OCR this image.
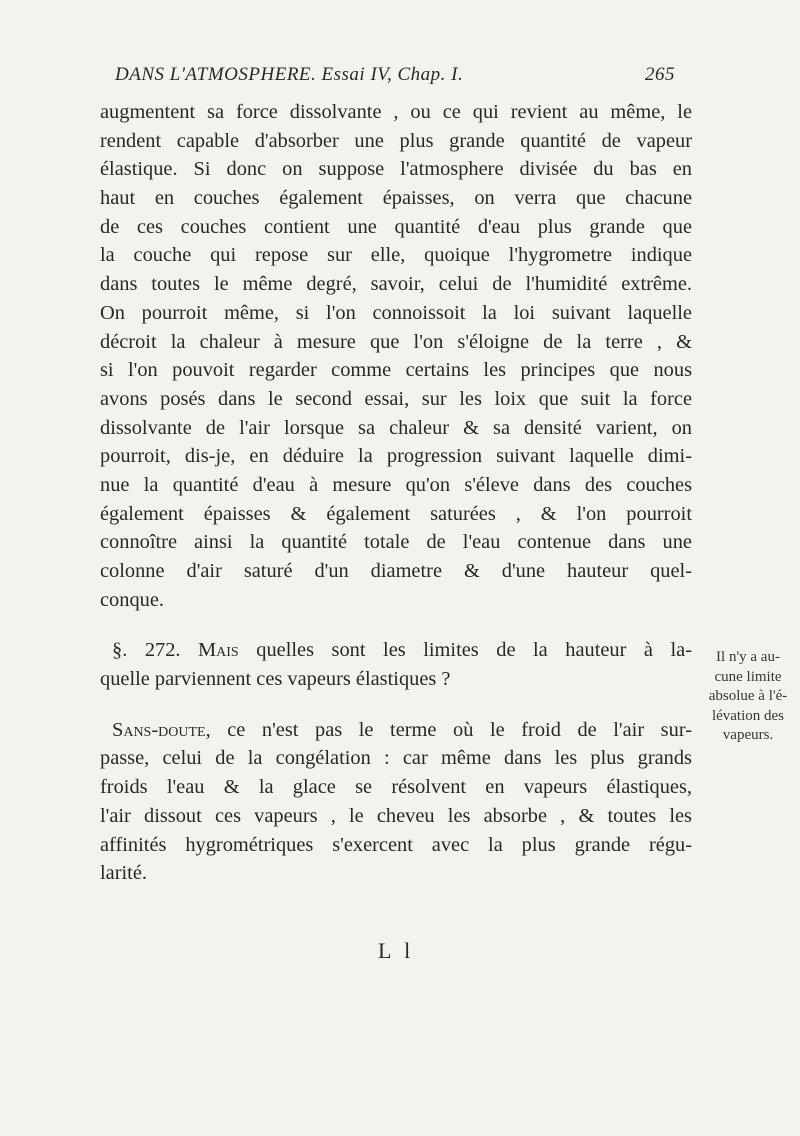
DANS L'ATMOSPHERE. Essai IV, Chap. I.	265
augmentent sa force dissolvante , ou ce qui revient au même, le
rendent capable d'absorber une plus grande quantité de vapeur
élastique. Si donc on suppose l'atmosphere divisée du bas en
haut en couches également épaisses, on verra que chacune
de ces couches contient une quantité d'eau plus grande que
la couche qui repose sur elle, quoique l'hygrometre indique
dans toutes le même degré, savoir, celui de l'humidité extrême.
On pourroit même, si l'on connoissoit la loi suivant laquelle
décroit la chaleur à mesure que l'on s'éloigne de la terre , &
si l'on pouvoit regarder comme certains les principes que nous
avons posés dans le second essai, sur les loix que suit la force
dissolvante de l'air lorsque sa chaleur & sa densité varient, on
pourroit, dis-je, en déduire la progression suivant laquelle dimi-
nue la quantité d'eau à mesure qu'on s'éleve dans des couches
également épaisses & également saturées , & l'on pourroit
connoître ainsi la quantité totale de l'eau contenue dans une
colonne d'air saturé d'un diametre & d'une hauteur quel-
conque.
§. 272. Mais quelles sont les limites de la hauteur à la-
quelle parviennent ces vapeurs élastiques ?
Sans-doute, ce n'est pas le terme où le froid de l'air sur-
passe, celui de la congélation : car même dans les plus grands
froids l'eau & la glace se résolvent en vapeurs élastiques,
l'air dissout ces vapeurs , le cheveu les absorbe , & toutes les
affinités hygrométriques s'exercent avec la plus grande régu-
larité.
Il n'y a au-
cune limite
absolue à l'é-
lévation des
vapeurs.
L l
